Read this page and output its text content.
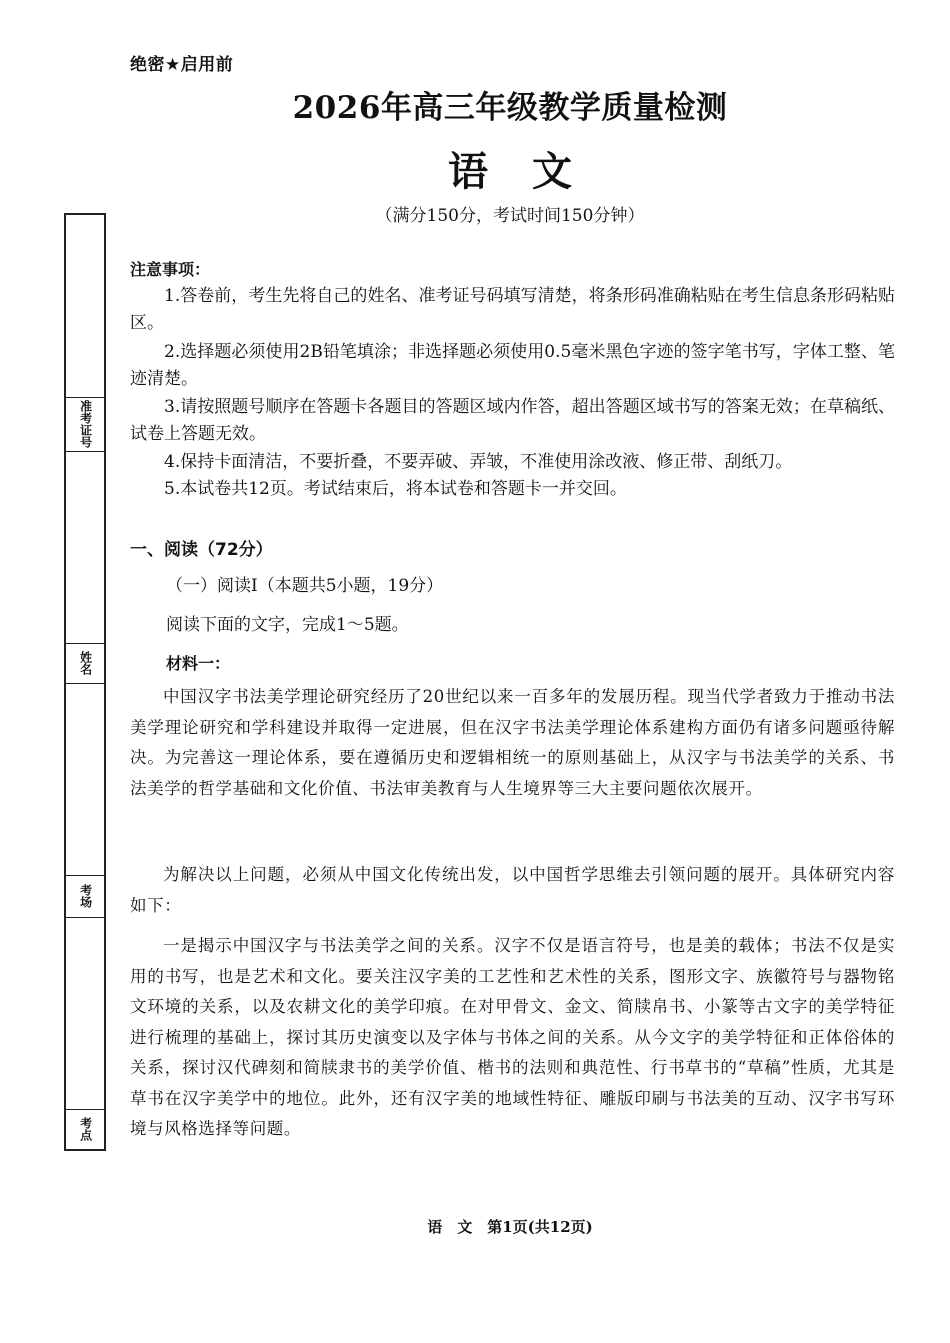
绝密★启用前
2026年高三年级教学质量检测
语 文
（满分150分，考试时间150分钟）
准考证号
姓名
考场
考点
注意事项：
1.答卷前，考生先将自己的姓名、准考证号码填写清楚，将条形码准确粘贴在考生信息条形码粘贴区。
2.选择题必须使用2B铅笔填涂；非选择题必须使用0.5毫米黑色字迹的签字笔书写，字体工整、笔迹清楚。
3.请按照题号顺序在答题卡各题目的答题区域内作答，超出答题区域书写的答案无效；在草稿纸、试卷上答题无效。
4.保持卡面清洁，不要折叠，不要弄破、弄皱，不准使用涂改液、修正带、刮纸刀。
5.本试卷共12页。考试结束后，将本试卷和答题卡一并交回。
一、阅读（72分）
（一）阅读Ⅰ（本题共5小题，19分）
阅读下面的文字，完成1～5题。
材料一：
中国汉字书法美学理论研究经历了20世纪以来一百多年的发展历程。现当代学者致力于推动书法美学理论研究和学科建设并取得一定进展，但在汉字书法美学理论体系建构方面仍有诸多问题亟待解决。为完善这一理论体系，要在遵循历史和逻辑相统一的原则基础上，从汉字与书法美学的关系、书法美学的哲学基础和文化价值、书法审美教育与人生境界等三大主要问题依次展开。
为解决以上问题，必须从中国文化传统出发，以中国哲学思维去引领问题的展开。具体研究内容如下：
一是揭示中国汉字与书法美学之间的关系。汉字不仅是语言符号，也是美的载体；书法不仅是实用的书写，也是艺术和文化。要关注汉字美的工艺性和艺术性的关系，图形文字、族徽符号与器物铭文环境的关系，以及农耕文化的美学印痕。在对甲骨文、金文、简牍帛书、小篆等古文字的美学特征进行梳理的基础上，探讨其历史演变以及字体与书体之间的关系。从今文字的美学特征和正体俗体的关系，探讨汉代碑刻和简牍隶书的美学价值、楷书的法则和典范性、行书草书的“草稿”性质，尤其是草书在汉字美学中的地位。此外，还有汉字美的地域性特征、雕版印刷与书法美的互动、汉字书写环境与风格选择等问题。
语　文　第1页(共12页)
